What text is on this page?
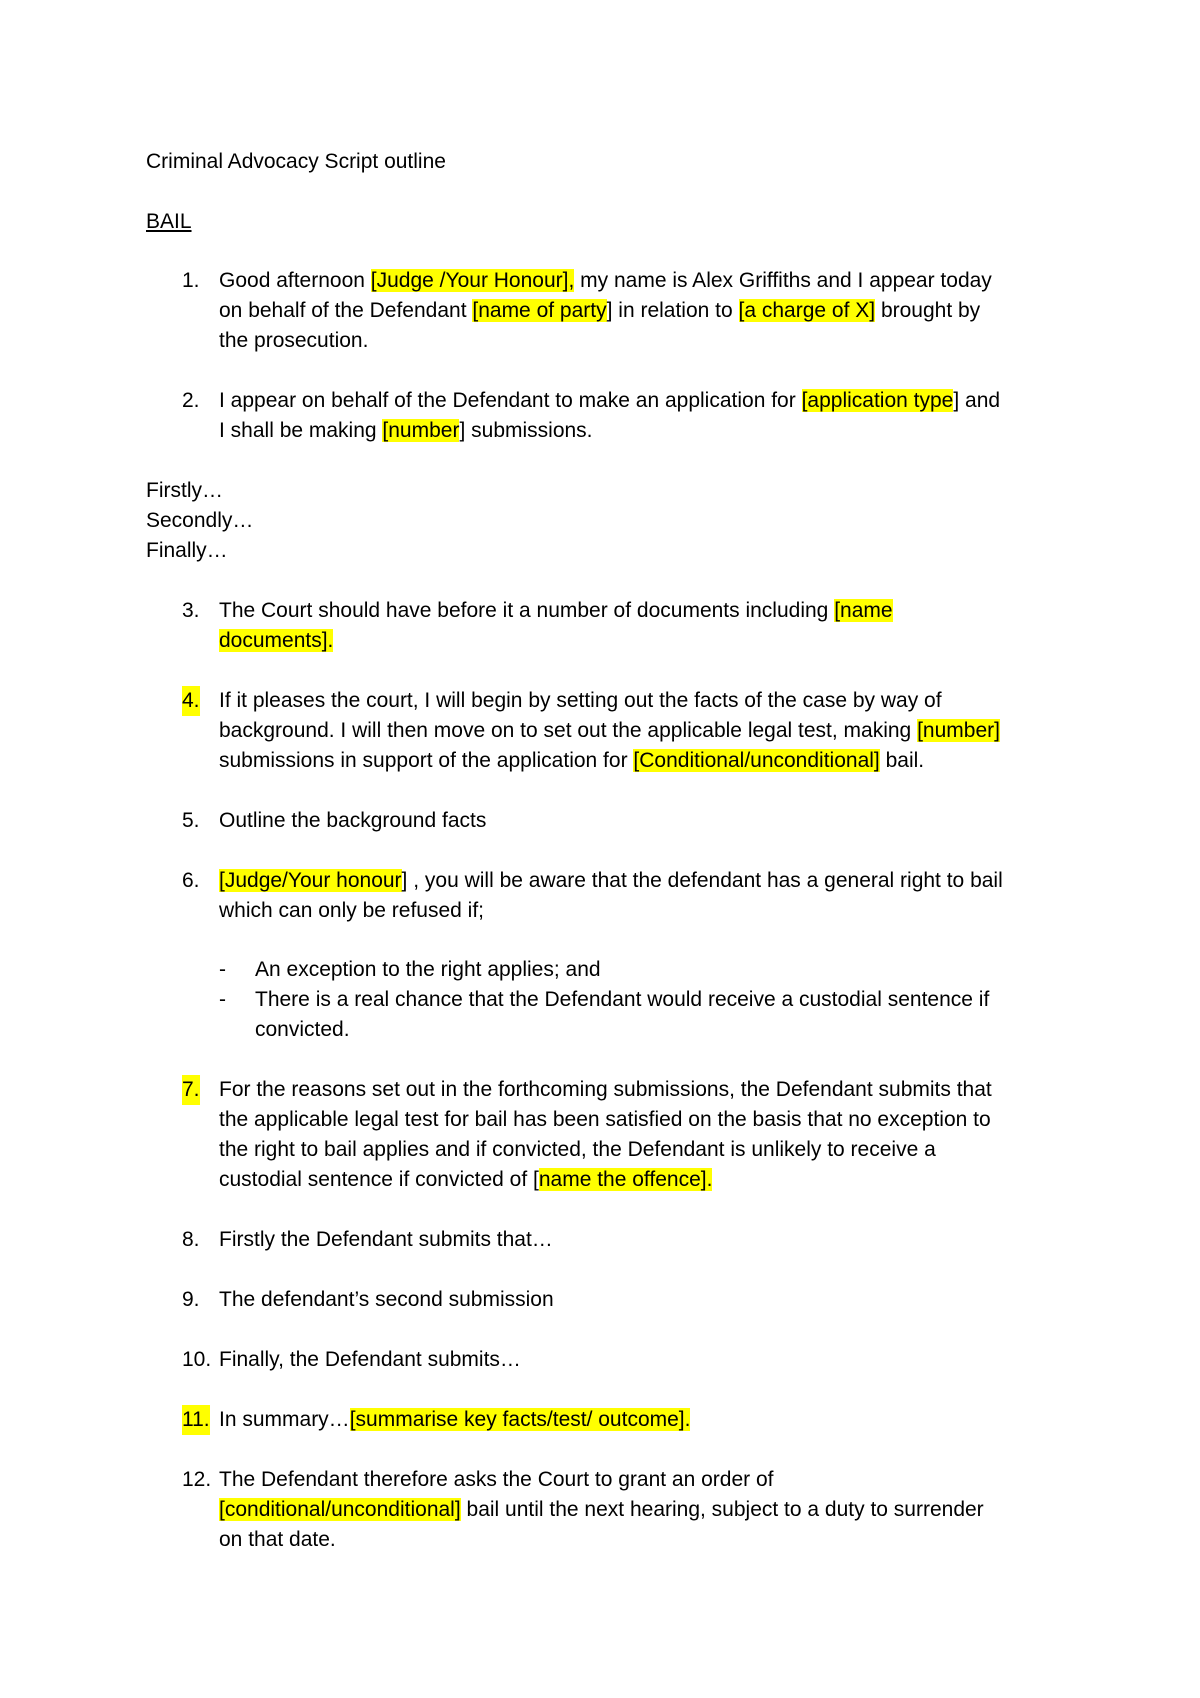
Criminal Advocacy Script outline
BAIL
1. Good afternoon [Judge /Your Honour], my name is Alex Griffiths and I appear today
on behalf of the Defendant [name of party] in relation to [a charge of X] brought by
the prosecution.
2. I appear on behalf of the Defendant to make an application for [application type] and
I shall be making [number] submissions.
Firstly…
Secondly…
Finally…
3. The Court should have before it a number of documents including [name
documents].
4. If it pleases the court, I will begin by setting out the facts of the case by way of
background. I will then move on to set out the applicable legal test, making [number]
submissions in support of the application for [Conditional/unconditional] bail.
5. Outline the background facts
6. [Judge/Your honour] , you will be aware that the defendant has a general right to bail
which can only be refused if;
- An exception to the right applies; and
- There is a real chance that the Defendant would receive a custodial sentence if
convicted.
7. For the reasons set out in the forthcoming submissions, the Defendant submits that
the applicable legal test for bail has been satisfied on the basis that no exception to
the right to bail applies and if convicted, the Defendant is unlikely to receive a
custodial sentence if convicted of [name the offence].
8. Firstly the Defendant submits that…
9. The defendant’s second submission
10. Finally, the Defendant submits…
11. In summary…[summarise key facts/test/ outcome].
12. The Defendant therefore asks the Court to grant an order of
[conditional/unconditional] bail until the next hearing, subject to a duty to surrender
on that date.
